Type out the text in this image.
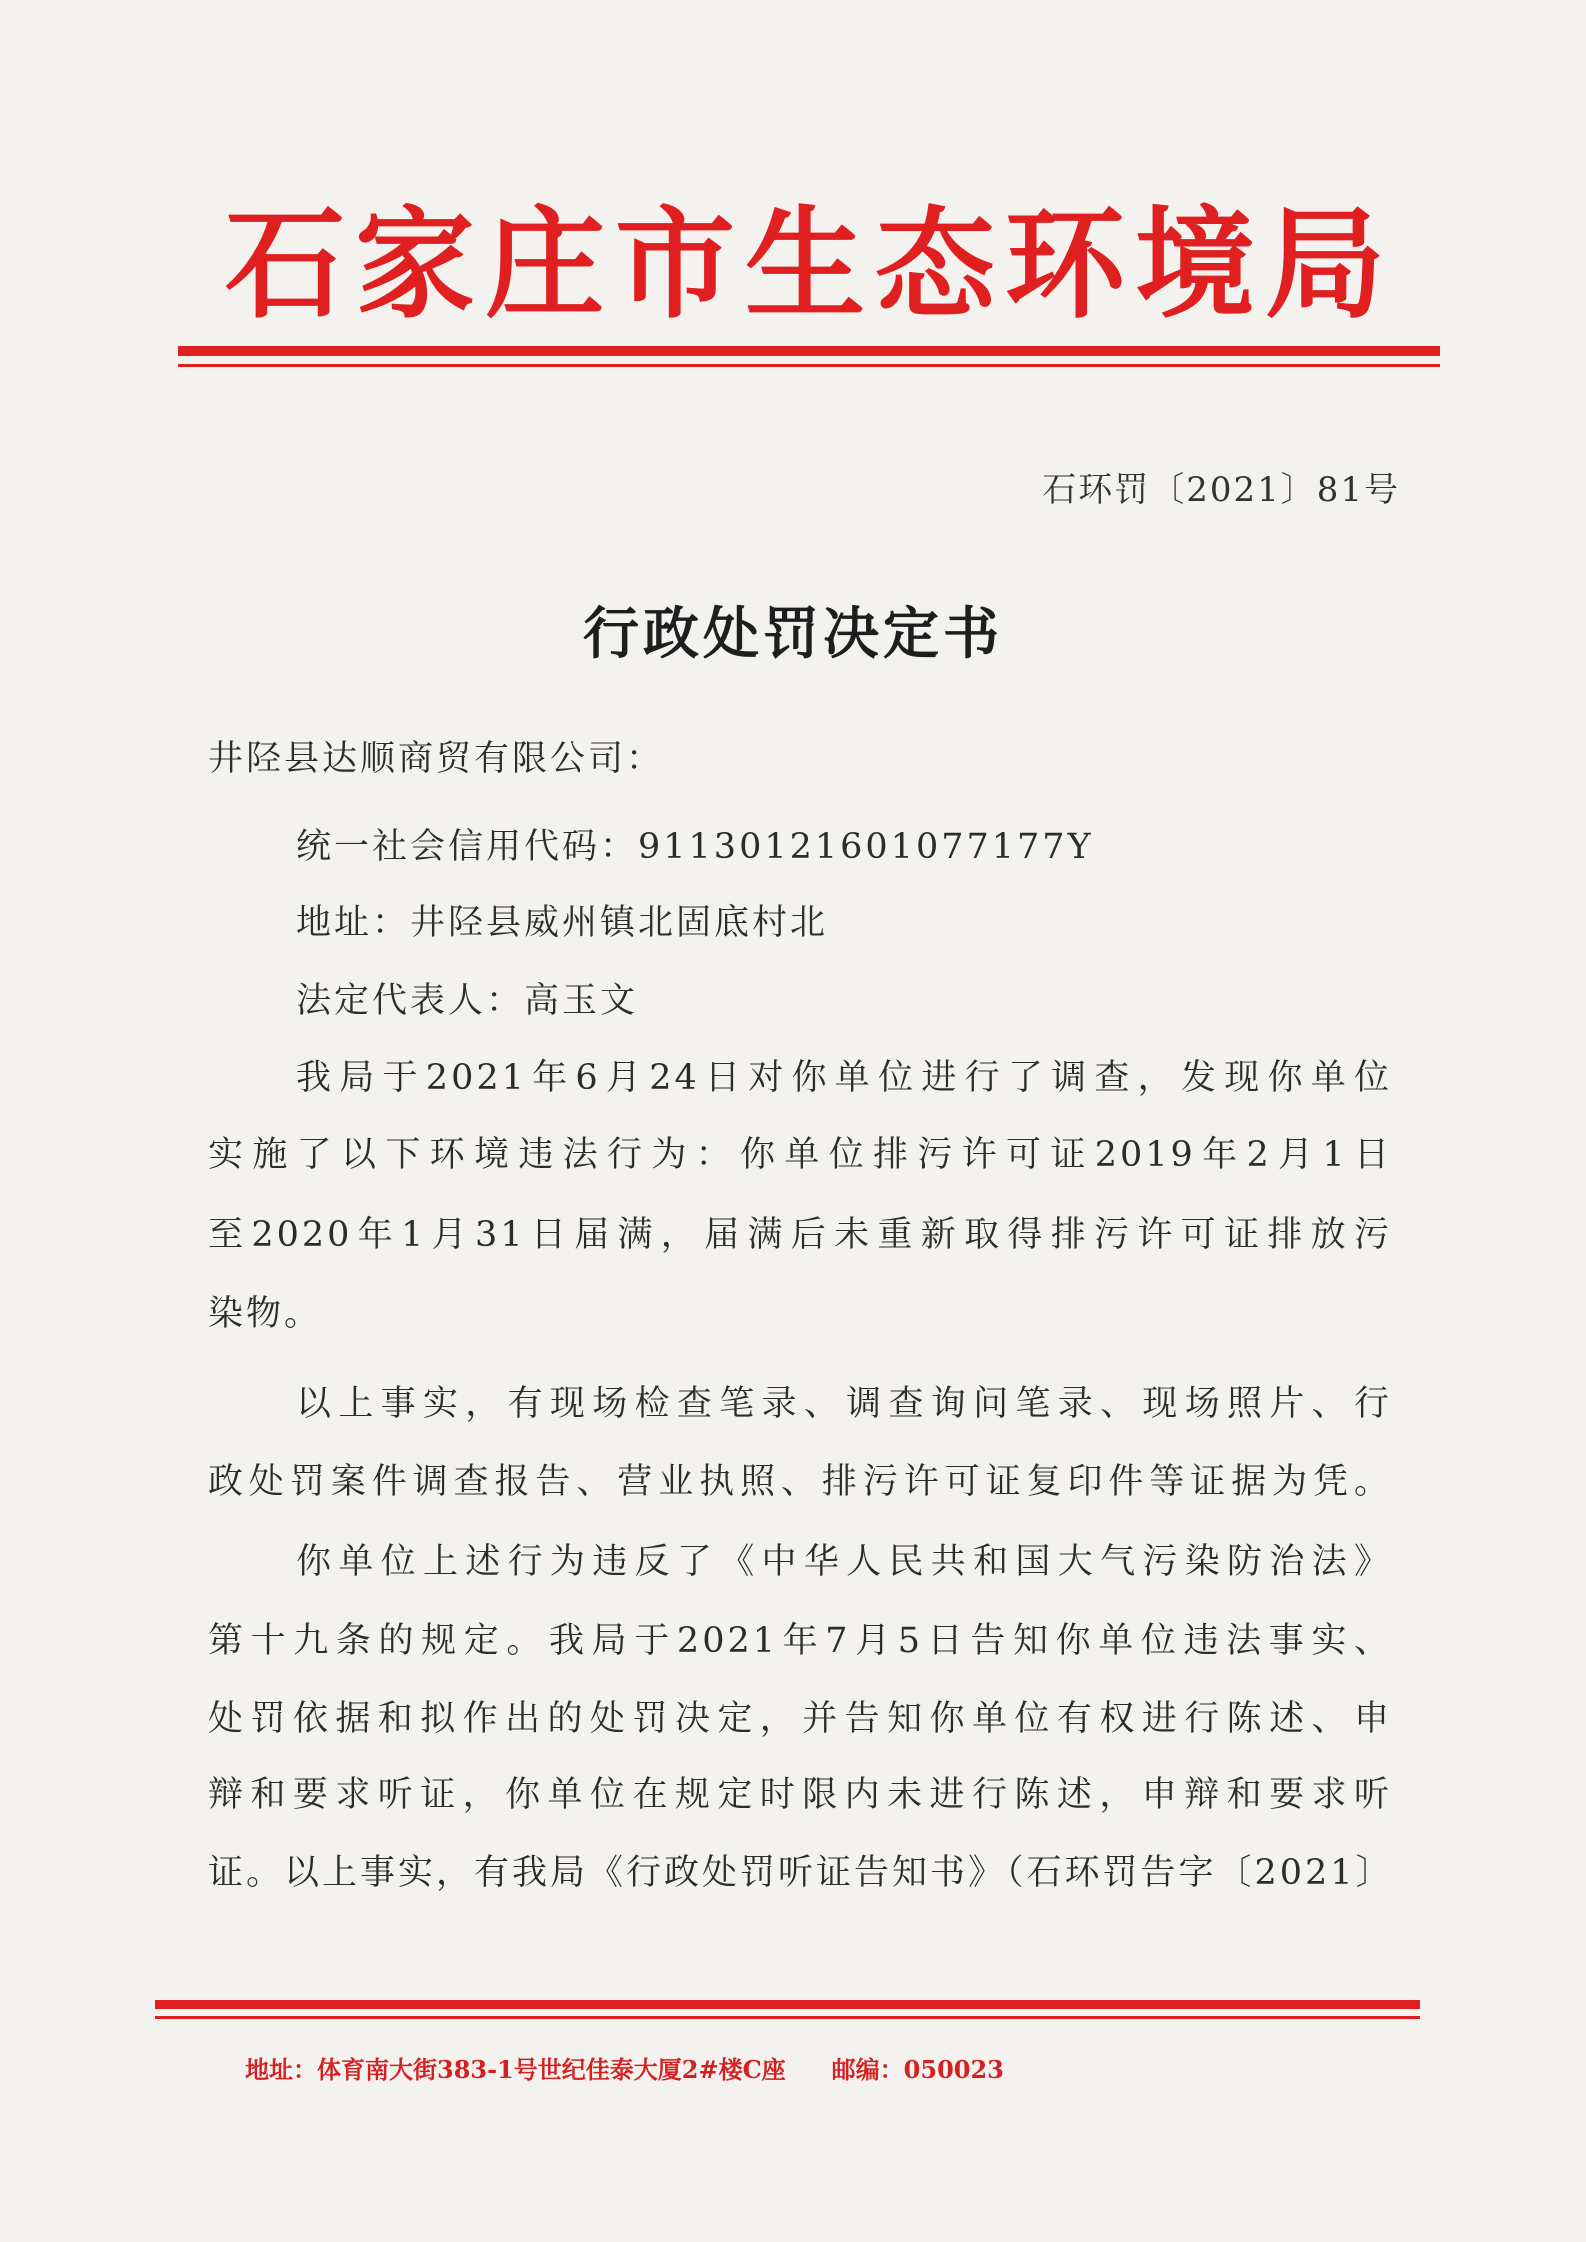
石家庄市生态环境局
石环罚〔2021〕81号
行政处罚决定书
井陉县达顺商贸有限公司：
统一社会信用代码：91130121601077177Y
地址：井陉县威州镇北固底村北
法定代表人：高玉文
我局于2021年6月24日对你单位进行了调查，发现你单位
实施了以下环境违法行为：你单位排污许可证2019年2月1日
至2020年1月31日届满，届满后未重新取得排污许可证排放污
染物。
以上事实，有现场检查笔录、调查询问笔录、现场照片、行
政处罚案件调查报告、营业执照、排污许可证复印件等证据为凭。
你单位上述行为违反了《中华人民共和国大气污染防治法》
第十九条的规定。我局于2021年7月5日告知你单位违法事实、
处罚依据和拟作出的处罚决定，并告知你单位有权进行陈述、申
辩和要求听证，你单位在规定时限内未进行陈述，申辩和要求听
证。以上事实，有我局《行政处罚听证告知书》（石环罚告字〔2021〕
地址：体育南大街383-1号世纪佳泰大厦2#楼C座 邮编：050023
